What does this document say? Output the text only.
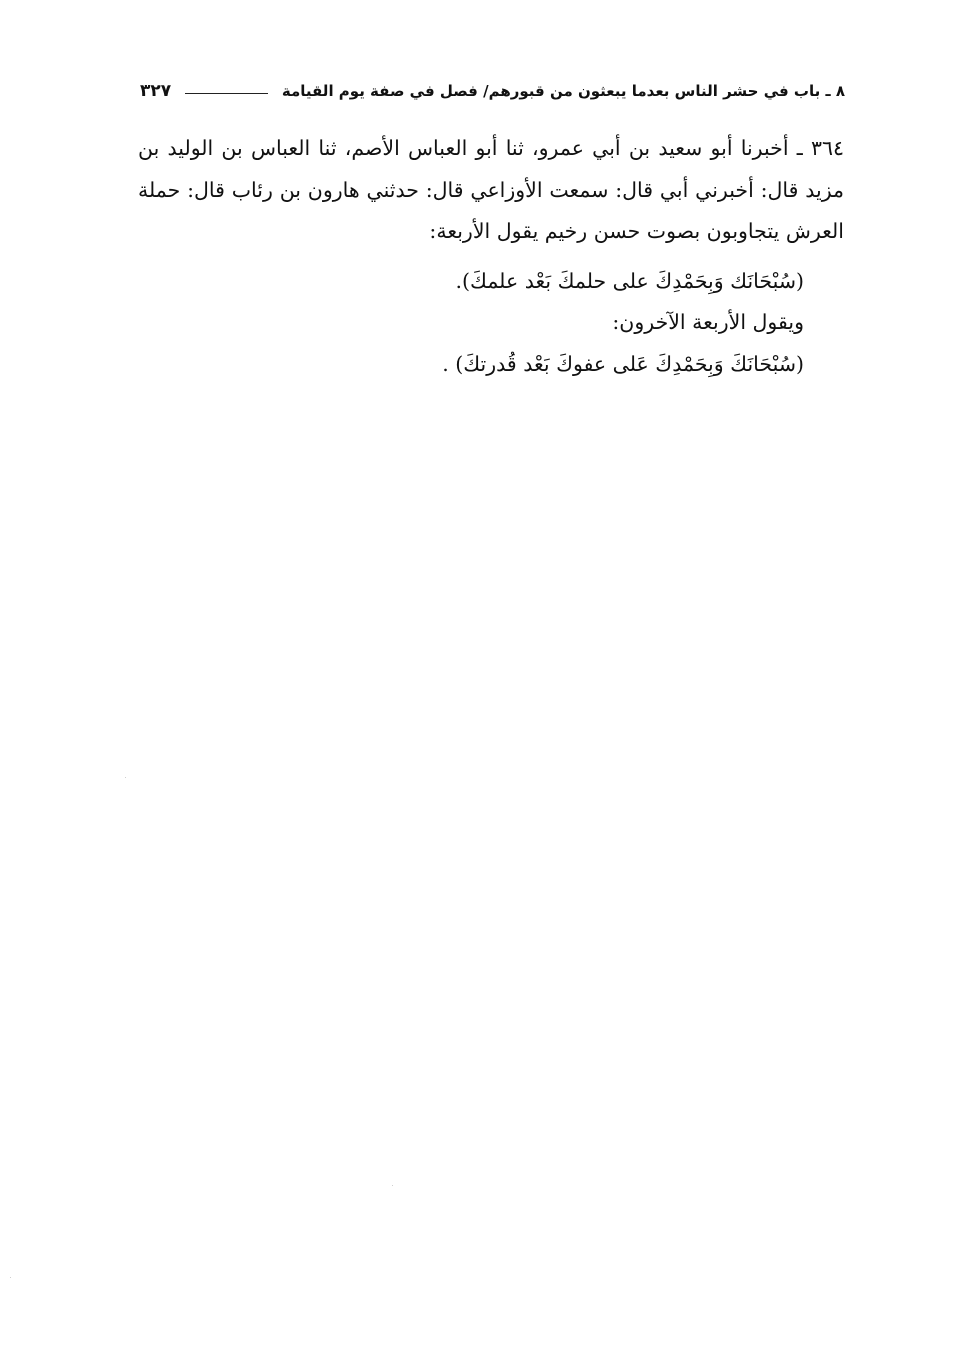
٨ ـ باب في حشر الناس بعدما يبعثون من قبورهم/ فصل في صفة يوم القيامة
٣٢٧

٣٦٤ ـ أخبرنا أبو سعيد بن أبي عمرو، ثنا أبو العباس الأصم، ثنا العباس بن الوليد بن مزيد قال: أخبرني أبي قال: سمعت الأوزاعي قال: حدثني هارون بن رئاب قال: حملة العرش يتجاوبون بصوت حسن رخيم يقول الأربعة:

(سُبْحَانَك وَبِحَمْدِكَ على حلمكَ بَعْد علمكَ).

ويقول الأربعة الآخرون:

(سُبْحَانَكَ وَبِحَمْدِكَ عَلى عفوكَ بَعْد قُدرتكَ) .
